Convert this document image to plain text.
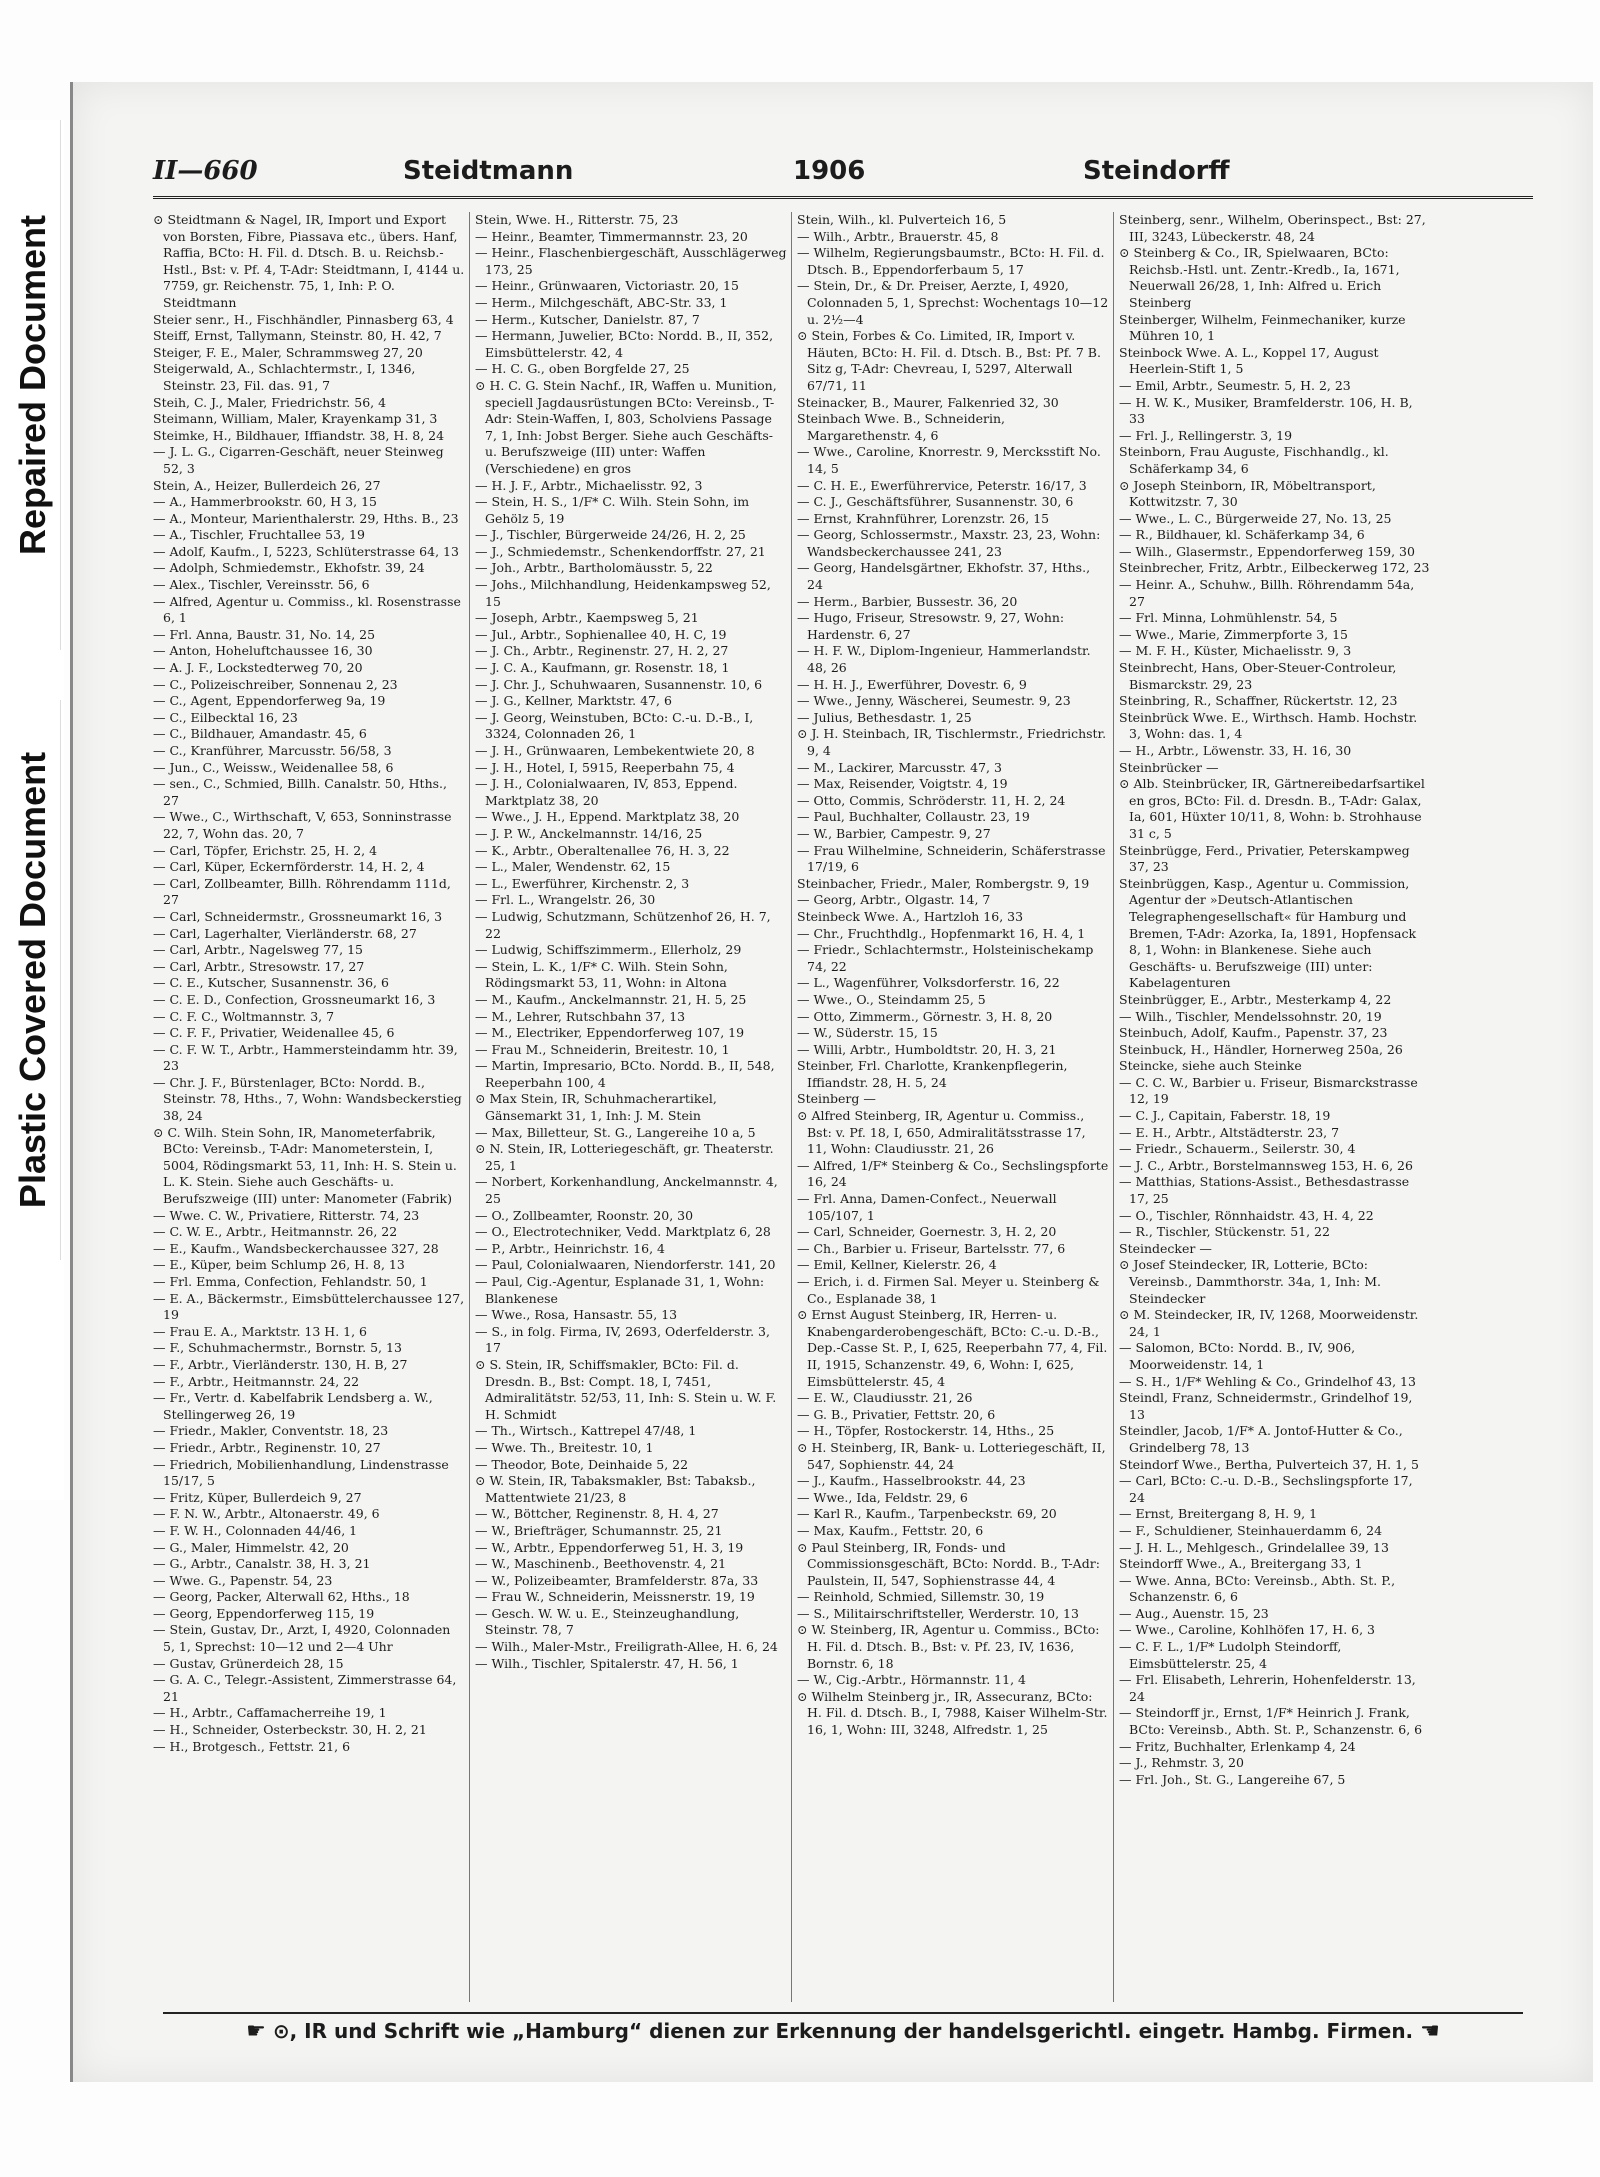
Repaired Document
Plastic Covered Document
II—660	Steidtmann	1906	Steindorff

⊙ Steidtmann & Nagel, IR, Import und Export von Borsten, Fibre, Piassava etc., übers. Hanf, Raffia, BCto: H. Fil. d. Dtsch. B. u. Reichsb.-Hstl., Bst: v. Pf. 4, T-Adr: Steidtmann, I, 4144 u. 7759, gr. Reichenstr. 75, 1, Inh: P. O. Steidtmann

Steier senr., H., Fischhändler, Pinnasberg 63, 4

Steiff, Ernst, Tallymann, Steinstr. 80, H. 42, 7

Steiger, F. E., Maler, Schrammsweg 27, 20

Steigerwald, A., Schlachtermstr., I, 1346, Steinstr. 23, Fil. das. 91, 7

Steih, C. J., Maler, Friedrichstr. 56, 4

Steimann, William, Maler, Krayenkamp 31, 3

Steimke, H., Bildhauer, Iffiandstr. 38, H. 8, 24

— J. L. G., Cigarren-Geschäft, neuer Steinweg 52, 3

Stein, A., Heizer, Bullerdeich 26, 27

— A., Hammerbrookstr. 60, H 3, 15

— A., Monteur, Marienthalerstr. 29, Hths. B., 23

— A., Tischler, Fruchtallee 53, 19

— Adolf, Kaufm., I, 5223, Schlüterstrasse 64, 13

— Adolph, Schmiedemstr., Ekhofstr. 39, 24

— Alex., Tischler, Vereinsstr. 56, 6

— Alfred, Agentur u. Commiss., kl. Rosenstrasse 6, 1

— Frl. Anna, Baustr. 31, No. 14, 25

— Anton, Hoheluftchaussee 16, 30

— A. J. F., Lockstedterweg 70, 20

— C., Polizeischreiber, Sonnenau 2, 23

— C., Agent, Eppendorferweg 9a, 19

— C., Eilbecktal 16, 23

— C., Bildhauer, Amandastr. 45, 6

— C., Kranführer, Marcusstr. 56/58, 3

— Jun., C., Weissw., Weidenallee 58, 6

— sen., C., Schmied, Billh. Canalstr. 50, Hths., 27

— Wwe., C., Wirthschaft, V, 653, Sonninstrasse 22, 7, Wohn das. 20, 7

— Carl, Töpfer, Erichstr. 25, H. 2, 4

— Carl, Küper, Eckernförderstr. 14, H. 2, 4

— Carl, Zollbeamter, Billh. Röhrendamm 111d, 27

— Carl, Schneidermstr., Grossneumarkt 16, 3

— Carl, Lagerhalter, Vierländerstr. 68, 27

— Carl, Arbtr., Nagelsweg 77, 15

— Carl, Arbtr., Stresowstr. 17, 27

— C. E., Kutscher, Susannenstr. 36, 6

— C. E. D., Confection, Grossneumarkt 16, 3

— C. F. C., Woltmannstr. 3, 7

— C. F. F., Privatier, Weidenallee 45, 6

— C. F. W. T., Arbtr., Hammersteindamm htr. 39, 23

— Chr. J. F., Bürstenlager, BCto: Nordd. B., Steinstr. 78, Hths., 7, Wohn: Wandsbeckerstieg 38, 24

⊙ C. Wilh. Stein Sohn, IR, Manometerfabrik, BCto: Vereinsb., T-Adr: Manometerstein, I, 5004, Rödingsmarkt 53, 11, Inh: H. S. Stein u. L. K. Stein. Siehe auch Geschäfts- u. Berufszweige (III) unter: Manometer (Fabrik)

— Wwe. C. W., Privatiere, Ritterstr. 74, 23

— C. W. E., Arbtr., Heitmannstr. 26, 22

— E., Kaufm., Wandsbeckerchaussee 327, 28

— E., Küper, beim Schlump 26, H. 8, 13

— Frl. Emma, Confection, Fehlandstr. 50, 1

— E. A., Bäckermstr., Eimsbüttelerchaussee 127, 19

— Frau E. A., Marktstr. 13 H. 1, 6

— F., Schuhmachermstr., Bornstr. 5, 13

— F., Arbtr., Vierländerstr. 130, H. B, 27

— F., Arbtr., Heitmannstr. 24, 22

— Fr., Vertr. d. Kabelfabrik Lendsberg a. W., Stellingerweg 26, 19

— Friedr., Makler, Conventstr. 18, 23

— Friedr., Arbtr., Reginenstr. 10, 27

— Friedrich, Mobilienhandlung, Lindenstrasse 15/17, 5

— Fritz, Küper, Bullerdeich 9, 27

— F. N. W., Arbtr., Altonaerstr. 49, 6

— F. W. H., Colonnaden 44/46, 1

— G., Maler, Himmelstr. 42, 20

— G., Arbtr., Canalstr. 38, H. 3, 21

— Wwe. G., Papenstr. 54, 23

— Georg, Packer, Alterwall 62, Hths., 18

— Georg, Eppendorferweg 115, 19

— Stein, Gustav, Dr., Arzt, I, 4920, Colonnaden 5, 1, Sprechst: 10—12 und 2—4 Uhr

— Gustav, Grünerdeich 28, 15

— G. A. C., Telegr.-Assistent, Zimmerstrasse 64, 21

— H., Arbtr., Caffamacherreihe 19, 1

— H., Schneider, Osterbeckstr. 30, H. 2, 21

— H., Brotgesch., Fettstr. 21, 6

Stein, Wwe. H., Ritterstr. 75, 23

— Heinr., Beamter, Timmermannstr. 23, 20

— Heinr., Flaschenbiergeschäft, Ausschlägerweg 173, 25

— Heinr., Grünwaaren, Victoriastr. 20, 15

— Herm., Milchgeschäft, ABC-Str. 33, 1

— Herm., Kutscher, Danielstr. 87, 7

— Hermann, Juwelier, BCto: Nordd. B., II, 352, Eimsbüttelerstr. 42, 4

— H. C. G., oben Borgfelde 27, 25

⊙ H. C. G. Stein Nachf., IR, Waffen u. Munition, speciell Jagdausrüstungen BCto: Vereinsb., T-Adr: Stein-Waffen, I, 803, Scholviens Passage 7, 1, Inh: Jobst Berger. Siehe auch Geschäfts- u. Berufszweige (III) unter: Waffen (Verschiedene) en gros

— H. J. F., Arbtr., Michaelisstr. 92, 3

— Stein, H. S., 1/F* C. Wilh. Stein Sohn, im Gehölz 5, 19

— J., Tischler, Bürgerweide 24/26, H. 2, 25

— J., Schmiedemstr., Schenkendorffstr. 27, 21

— Joh., Arbtr., Bartholomäusstr. 5, 22

— Johs., Milchhandlung, Heidenkampsweg 52, 15

— Joseph, Arbtr., Kaempsweg 5, 21

— Jul., Arbtr., Sophienallee 40, H. C, 19

— J. Ch., Arbtr., Reginenstr. 27, H. 2, 27

— J. C. A., Kaufmann, gr. Rosenstr. 18, 1

— J. Chr. J., Schuhwaaren, Susannenstr. 10, 6

— J. G., Kellner, Marktstr. 47, 6

— J. Georg, Weinstuben, BCto: C.-u. D.-B., I, 3324, Colonnaden 26, 1

— J. H., Grünwaaren, Lembekentwiete 20, 8

— J. H., Hotel, I, 5915, Reeperbahn 75, 4

— J. H., Colonialwaaren, IV, 853, Eppend. Marktplatz 38, 20

— Wwe., J. H., Eppend. Marktplatz 38, 20

— J. P. W., Anckelmannstr. 14/16, 25

— K., Arbtr., Oberaltenallee 76, H. 3, 22

— L., Maler, Wendenstr. 62, 15

— L., Ewerführer, Kirchenstr. 2, 3

— Frl. L., Wrangelstr. 26, 30

— Ludwig, Schutzmann, Schützenhof 26, H. 7, 22

— Ludwig, Schiffszimmerm., Ellerholz, 29

— Stein, L. K., 1/F* C. Wilh. Stein Sohn, Rödingsmarkt 53, 11, Wohn: in Altona

— M., Kaufm., Anckelmannstr. 21, H. 5, 25

— M., Lehrer, Rutschbahn 37, 13

— M., Electriker, Eppendorferweg 107, 19

— Frau M., Schneiderin, Breitestr. 10, 1

— Martin, Impresario, BCto. Nordd. B., II, 548, Reeperbahn 100, 4

⊙ Max Stein, IR, Schuhmacherartikel, Gänsemarkt 31, 1, Inh: J. M. Stein

— Max, Billetteur, St. G., Langereihe 10 a, 5

⊙ N. Stein, IR, Lotteriegeschäft, gr. Theaterstr. 25, 1

— Norbert, Korkenhandlung, Anckelmannstr. 4, 25

— O., Zollbeamter, Roonstr. 20, 30

— O., Electrotechniker, Vedd. Marktplatz 6, 28

— P., Arbtr., Heinrichstr. 16, 4

— Paul, Colonialwaaren, Niendorferstr. 141, 20

— Paul, Cig.-Agentur, Esplanade 31, 1, Wohn: Blankenese

— Wwe., Rosa, Hansastr. 55, 13

— S., in folg. Firma, IV, 2693, Oderfelderstr. 3, 17

⊙ S. Stein, IR, Schiffsmakler, BCto: Fil. d. Dresdn. B., Bst: Compt. 18, I, 7451, Admiralitätstr. 52/53, 11, Inh: S. Stein u. W. F. H. Schmidt

— Th., Wirtsch., Kattrepel 47/48, 1

— Wwe. Th., Breitestr. 10, 1

— Theodor, Bote, Deinhaide 5, 22

⊙ W. Stein, IR, Tabaksmakler, Bst: Tabaksb., Mattentwiete 21/23, 8

— W., Böttcher, Reginenstr. 8, H. 4, 27

— W., Briefträger, Schumannstr. 25, 21

— W., Arbtr., Eppendorferweg 51, H. 3, 19

— W., Maschinenb., Beethovenstr. 4, 21

— W., Polizeibeamter, Bramfelderstr. 87a, 33

— Frau W., Schneiderin, Meissnerstr. 19, 19

— Gesch. W. W. u. E., Steinzeughandlung, Steinstr. 78, 7

— Wilh., Maler-Mstr., Freiligrath-Allee, H. 6, 24

— Wilh., Tischler, Spitalerstr. 47, H. 56, 1

Stein, Wilh., kl. Pulverteich 16, 5

— Wilh., Arbtr., Brauerstr. 45, 8

— Wilhelm, Regierungsbaumstr., BCto: H. Fil. d. Dtsch. B., Eppendorferbaum 5, 17

— Stein, Dr., & Dr. Preiser, Aerzte, I, 4920, Colonnaden 5, 1, Sprechst: Wochentags 10—12 u. 2½—4

⊙ Stein, Forbes & Co. Limited, IR, Import v. Häuten, BCto: H. Fil. d. Dtsch. B., Bst: Pf. 7 B. Sitz g, T-Adr: Chevreau, I, 5297, Alterwall 67/71, 11

Steinacker, B., Maurer, Falkenried 32, 30

Steinbach Wwe. B., Schneiderin, Margarethenstr. 4, 6

— Wwe., Caroline, Knorrestr. 9, Mercksstift No. 14, 5

— C. H. E., Ewerführervice, Peterstr. 16/17, 3

— C. J., Geschäftsführer, Susannenstr. 30, 6

— Ernst, Krahnführer, Lorenzstr. 26, 15

— Georg, Schlossermstr., Maxstr. 23, 23, Wohn: Wandsbeckerchaussee 241, 23

— Georg, Handelsgärtner, Ekhofstr. 37, Hths., 24

— Herm., Barbier, Bussestr. 36, 20

— Hugo, Friseur, Stresowstr. 9, 27, Wohn: Hardenstr. 6, 27

— H. F. W., Diplom-Ingenieur, Hammerlandstr. 48, 26

— H. H. J., Ewerführer, Dovestr. 6, 9

— Wwe., Jenny, Wäscherei, Seumestr. 9, 23

— Julius, Bethesdastr. 1, 25

⊙ J. H. Steinbach, IR, Tischlermstr., Friedrichstr. 9, 4

— M., Lackirer, Marcusstr. 47, 3

— Max, Reisender, Voigtstr. 4, 19

— Otto, Commis, Schröderstr. 11, H. 2, 24

— Paul, Buchhalter, Collaustr. 23, 19

— W., Barbier, Campestr. 9, 27

— Frau Wilhelmine, Schneiderin, Schäferstrasse 17/19, 6

Steinbacher, Friedr., Maler, Rombergstr. 9, 19

— Georg, Arbtr., Olgastr. 14, 7

Steinbeck Wwe. A., Hartzloh 16, 33

— Chr., Fruchthdlg., Hopfenmarkt 16, H. 4, 1

— Friedr., Schlachtermstr., Holsteinischekamp 74, 22

— L., Wagenführer, Volksdorferstr. 16, 22

— Wwe., O., Steindamm 25, 5

— Otto, Zimmerm., Görnestr. 3, H. 8, 20

— W., Süderstr. 15, 15

— Willi, Arbtr., Humboldtstr. 20, H. 3, 21

Steinber, Frl. Charlotte, Krankenpflegerin, Iffiandstr. 28, H. 5, 24

Steinberg —

⊙ Alfred Steinberg, IR, Agentur u. Commiss., Bst: v. Pf. 18, I, 650, Admiralitätsstrasse 17, 11, Wohn: Claudiusstr. 21, 26

— Alfred, 1/F* Steinberg & Co., Sechslingspforte 16, 24

— Frl. Anna, Damen-Confect., Neuerwall 105/107, 1

— Carl, Schneider, Goernestr. 3, H. 2, 20

— Ch., Barbier u. Friseur, Bartelsstr. 77, 6

— Emil, Kellner, Kielerstr. 26, 4

— Erich, i. d. Firmen Sal. Meyer u. Steinberg & Co., Esplanade 38, 1

⊙ Ernst August Steinberg, IR, Herren- u. Knabengarderobengeschäft, BCto: C.-u. D.-B., Dep.-Casse St. P., I, 625, Reeperbahn 77, 4, Fil. II, 1915, Schanzenstr. 49, 6, Wohn: I, 625, Eimsbüttelerstr. 45, 4

— E. W., Claudiusstr. 21, 26

— G. B., Privatier, Fettstr. 20, 6

— H., Töpfer, Rostockerstr. 14, Hths., 25

⊙ H. Steinberg, IR, Bank- u. Lotteriegeschäft, II, 547, Sophienstr. 44, 24

— J., Kaufm., Hasselbrookstr. 44, 23

— Wwe., Ida, Feldstr. 29, 6

— Karl R., Kaufm., Tarpenbeckstr. 69, 20

— Max, Kaufm., Fettstr. 20, 6

⊙ Paul Steinberg, IR, Fonds- und Commissionsgeschäft, BCto: Nordd. B., T-Adr: Paulstein, II, 547, Sophienstrasse 44, 4

— Reinhold, Schmied, Sillemstr. 30, 19

— S., Militairschriftsteller, Werderstr. 10, 13

⊙ W. Steinberg, IR, Agentur u. Commiss., BCto: H. Fil. d. Dtsch. B., Bst: v. Pf. 23, IV, 1636, Bornstr. 6, 18

— W., Cig.-Arbtr., Hörmannstr. 11, 4

⊙ Wilhelm Steinberg jr., IR, Assecuranz, BCto: H. Fil. d. Dtsch. B., I, 7988, Kaiser Wilhelm-Str. 16, 1, Wohn: III, 3248, Alfredstr. 1, 25

Steinberg, senr., Wilhelm, Oberinspect., Bst: 27, III, 3243, Lübeckerstr. 48, 24

⊙ Steinberg & Co., IR, Spielwaaren, BCto: Reichsb.-Hstl. unt. Zentr.-Kredb., Ia, 1671, Neuerwall 26/28, 1, Inh: Alfred u. Erich Steinberg

Steinberger, Wilhelm, Feinmechaniker, kurze Mühren 10, 1

Steinbock Wwe. A. L., Koppel 17, August Heerlein-Stift 1, 5

— Emil, Arbtr., Seumestr. 5, H. 2, 23

— H. W. K., Musiker, Bramfelderstr. 106, H. B, 33

— Frl. J., Rellingerstr. 3, 19

Steinborn, Frau Auguste, Fischhandlg., kl. Schäferkamp 34, 6

⊙ Joseph Steinborn, IR, Möbeltransport, Kottwitzstr. 7, 30

— Wwe., L. C., Bürgerweide 27, No. 13, 25

— R., Bildhauer, kl. Schäferkamp 34, 6

— Wilh., Glasermstr., Eppendorferweg 159, 30

Steinbrecher, Fritz, Arbtr., Eilbeckerweg 172, 23

— Heinr. A., Schuhw., Billh. Röhrendamm 54a, 27

— Frl. Minna, Lohmühlenstr. 54, 5

— Wwe., Marie, Zimmerpforte 3, 15

— M. F. H., Küster, Michaelisstr. 9, 3

Steinbrecht, Hans, Ober-Steuer-Controleur, Bismarckstr. 29, 23

Steinbring, R., Schaffner, Rückertstr. 12, 23

Steinbrück Wwe. E., Wirthsch. Hamb. Hochstr. 3, Wohn: das. 1, 4

— H., Arbtr., Löwenstr. 33, H. 16, 30

Steinbrücker —

⊙ Alb. Steinbrücker, IR, Gärtnereibedarfsartikel en gros, BCto: Fil. d. Dresdn. B., T-Adr: Galax, Ia, 601, Hüxter 10/11, 8, Wohn: b. Strohhause 31 c, 5

Steinbrügge, Ferd., Privatier, Peterskampweg 37, 23

Steinbrüggen, Kasp., Agentur u. Commission, Agentur der »Deutsch-Atlantischen Telegraphengesellschaft« für Hamburg und Bremen, T-Adr: Azorka, Ia, 1891, Hopfensack 8, 1, Wohn: in Blankenese. Siehe auch Geschäfts- u. Berufszweige (III) unter: Kabelagenturen

Steinbrügger, E., Arbtr., Mesterkamp 4, 22

— Wilh., Tischler, Mendelssohnstr. 20, 19

Steinbuch, Adolf, Kaufm., Papenstr. 37, 23

Steinbuck, H., Händler, Hornerweg 250a, 26

Steincke, siehe auch Steinke

— C. C. W., Barbier u. Friseur, Bismarckstrasse 12, 19

— C. J., Capitain, Faberstr. 18, 19

— E. H., Arbtr., Altstädterstr. 23, 7

— Friedr., Schauerm., Seilerstr. 30, 4

— J. C., Arbtr., Borstelmannsweg 153, H. 6, 26

— Matthias, Stations-Assist., Bethesdastrasse 17, 25

— O., Tischler, Rönnhaidstr. 43, H. 4, 22

— R., Tischler, Stückenstr. 51, 22

Steindecker —

⊙ Josef Steindecker, IR, Lotterie, BCto: Vereinsb., Dammthorstr. 34a, 1, Inh: M. Steindecker

⊙ M. Steindecker, IR, IV, 1268, Moorweidenstr. 24, 1

— Salomon, BCto: Nordd. B., IV, 906, Moorweidenstr. 14, 1

— S. H., 1/F* Wehling & Co., Grindelhof 43, 13

Steindl, Franz, Schneidermstr., Grindelhof 19, 13

Steindler, Jacob, 1/F* A. Jontof-Hutter & Co., Grindelberg 78, 13

Steindorf Wwe., Bertha, Pulverteich 37, H. 1, 5

— Carl, BCto: C.-u. D.-B., Sechslingspforte 17, 24

— Ernst, Breitergang 8, H. 9, 1

— F., Schuldiener, Steinhauerdamm 6, 24

— J. H. L., Mehlgesch., Grindelallee 39, 13

Steindorff Wwe., A., Breitergang 33, 1

— Wwe. Anna, BCto: Vereinsb., Abth. St. P., Schanzenstr. 6, 6

— Aug., Auenstr. 15, 23

— Wwe., Caroline, Kohlhöfen 17, H. 6, 3

— C. F. L., 1/F* Ludolph Steindorff, Eimsbüttelerstr. 25, 4

— Frl. Elisabeth, Lehrerin, Hohenfelderstr. 13, 24

— Steindorff jr., Ernst, 1/F* Heinrich J. Frank, BCto: Vereinsb., Abth. St. P., Schanzenstr. 6, 6

— Fritz, Buchhalter, Erlenkamp 4, 24

— J., Rehmstr. 3, 20

— Frl. Joh., St. G., Langereihe 67, 5

☛ ⊙, IR und Schrift wie „Hamburg“ dienen zur Erkennung der handelsgerichtl. eingetr. Hambg. Firmen. ☚
